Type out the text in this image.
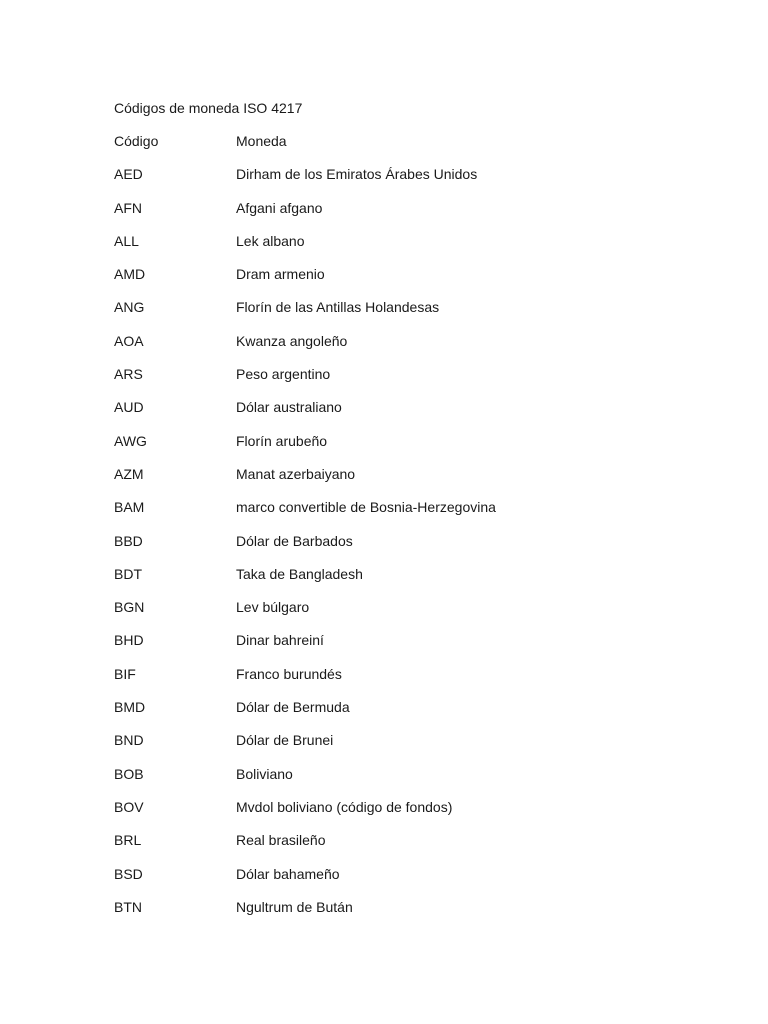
Códigos de moneda ISO 4217
Código	Moneda
AED	Dirham de los Emiratos Árabes Unidos
AFN	Afgani afgano
ALL	Lek albano
AMD	Dram armenio
ANG	Florín de las Antillas Holandesas
AOA	Kwanza angoleño
ARS	Peso argentino
AUD	Dólar australiano
AWG	Florín arubeño
AZM	Manat azerbaiyano
BAM	marco convertible de Bosnia-Herzegovina
BBD	Dólar de Barbados
BDT	Taka de Bangladesh
BGN	Lev búlgaro
BHD	Dinar bahreiní
BIF	Franco burundés
BMD	Dólar de Bermuda
BND	Dólar de Brunei
BOB	Boliviano
BOV	Mvdol boliviano (código de fondos)
BRL	Real brasileño
BSD	Dólar bahameño
BTN	Ngultrum de Bután
